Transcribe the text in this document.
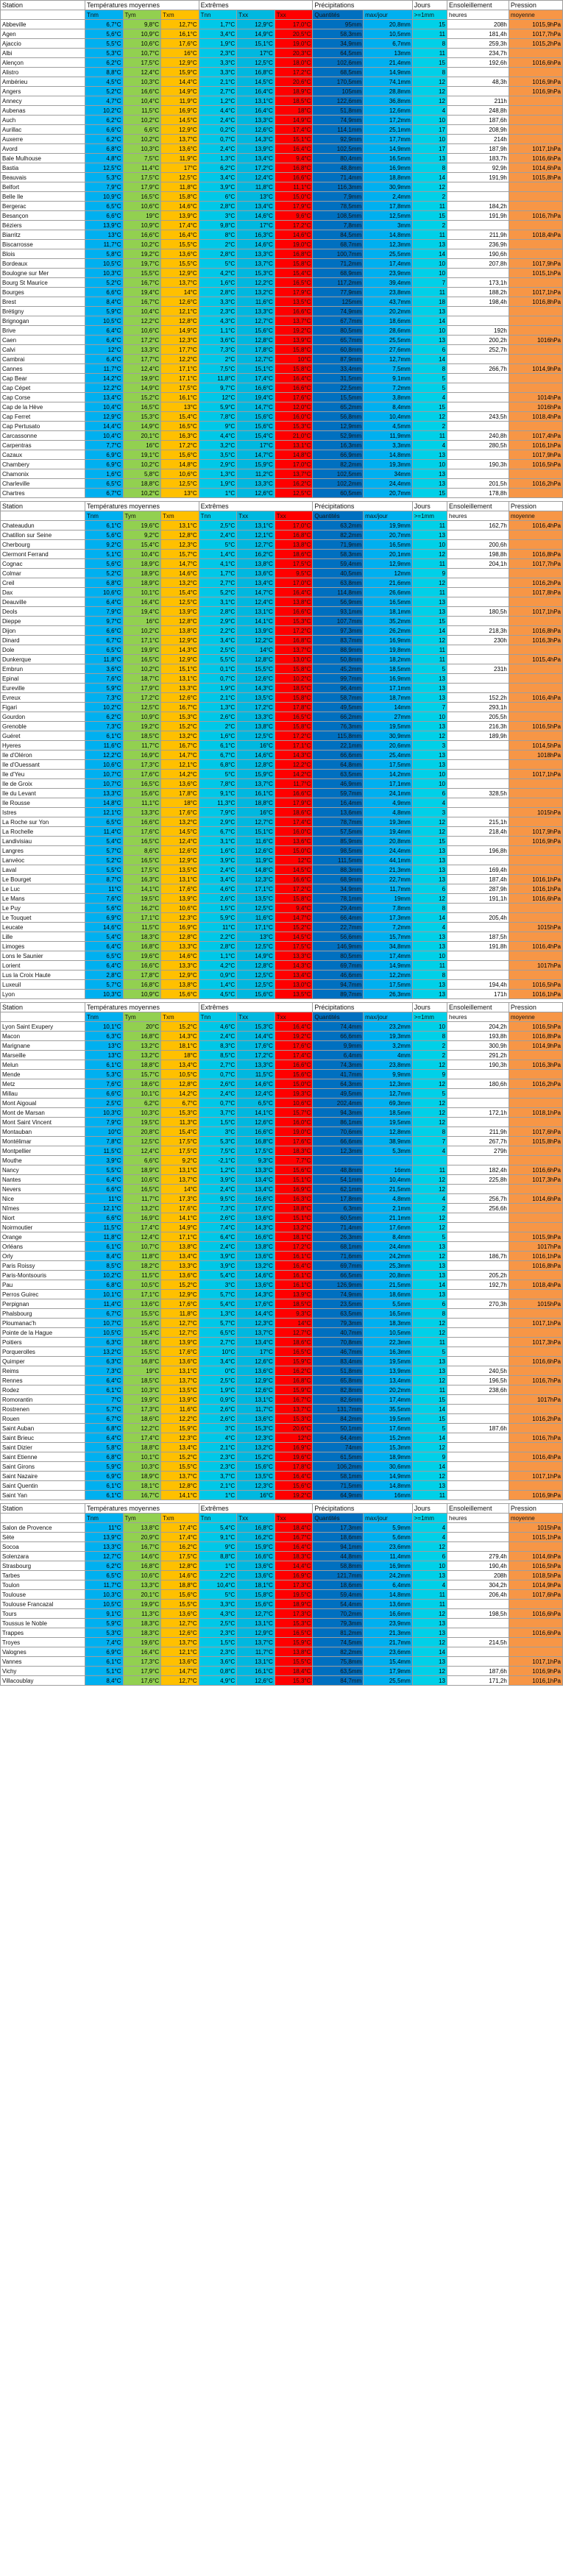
Station	Températures moyennes			Extrêmes			Précipitations		Jours	Ensoleillement	Pression
	Tnm	Tym	Txm	Tnn	Txx	Txx	Quantités	max/jour	>=1mm	heures	moyenne
Abbeville	6,7°C	9,8°C	12,7°C	1,7°C	12,9°C	17,0°C	95mm	20,8mm	15	208h	1015,9hPa
Agen	5,6°C	10,9°C	16,1°C	3,4°C	14,9°C	20,5°C	58,3mm	10,5mm	11	181,4h	1017,7hPa
Ajaccio	5,5°C	10,6°C	17,6°C	1,9°C	15,1°C	19,0°C	34,9mm	6,7mm	8	259,3h	1015,2hPa
Albi	5,3°C	10,7°C	16°C	2,3°C	17°C	20,3°C	64,5mm	13mm	11	234,7h	
Alençon	6,2°C	17,5°C	12,9°C	3,3°C	12,5°C	18,0°C	102,6mm	21,4mm	15	192,6h	1016,6hPa
Alistro	8,8°C	12,4°C	15,9°C	3,3°C	16,8°C	17,2°C	68,5mm	14,9mm	8		
Ambérieu	4,5°C	10,3°C	14,4°C	2,1°C	14,5°C	20,6°C	170,5mm	74,1mm	12	48,3h	1016,9hPa
Angers	5,2°C	16,6°C	14,9°C	2,7°C	16,4°C	18,9°C	105mm	28,8mm	12		1016,9hPa
Annecy	4,7°C	10,4°C	11,9°C	1,2°C	13,1°C	18,5°C	122,6mm	36,8mm	12	211h	
Aubenas	10,2°C	11,5°C	16,9°C	4,4°C	16,4°C	18°C	51,8mm	12,6mm	4	248,8h	
Auch	6,2°C	10,2°C	14,5°C	2,4°C	13,3°C	14,9°C	74,9mm	17,2mm	10	187,6h	
Aurillac	6,6°C	6,6°C	12,9°C	0,2°C	12,6°C	17,4°C	114,1mm	25,1mm	17	208,9h	
Auxerre	6,2°C	10,2°C	13,7°C	0,7°C	14,3°C	15,1°C	92,9mm	17,7mm	10	214h	
Avord	6,8°C	10,3°C	13,6°C	2,4°C	13,9°C	16,4°C	102,5mm	14,9mm	17	187,9h	1017,1hPa
Bale Mulhouse	4,8°C	7,5°C	11,9°C	1,3°C	13,4°C	9,4°C	80,4mm	16,5mm	13	183,7h	1016,6hPa
Bastia	12,5°C	11,4°C	17°C	6,2°C	17,2°C	16,8°C	48,8mm	16,9mm	8	92,9h	1014,6hPa
Beauvais	5,3°C	17,5°C	12,5°C	3,4°C	12,4°C	16,6°C	71,4mm	18,8mm	14	191,9h	1015,8hPa
Belfort	7,9°C	17,9°C	11,8°C	3,9°C	11,8°C	11,1°C	116,3mm	30,9mm	12		
Belle Ile	10,9°C	16,5°C	15,8°C	6°C	13°C	15,0°C	7,9mm	2,4mm	2		
Bergerac	6,5°C	10,6°C	14,6°C	2,8°C	13,4°C	17,9°C	78,5mm	17,8mm	11	184,2h	
Besançon	6,6°C	19°C	13,9°C	3°C	14,6°C	9,6°C	108,5mm	12,5mm	15	191,9h	1016,7hPa
Béziers	13,9°C	10,9°C	17,4°C	9,8°C	17°C	17,2°C	7,8mm	3mm	2		
Biarritz	13°C	16,6°C	16,4°C	8°C	16,3°C	14,6°C	84,5mm	14,8mm	11	211,9h	1018,4hPa
Biscarrosse	11,7°C	10,2°C	15,5°C	2°C	14,6°C	19,0°C	68,7mm	12,3mm	13	236,9h	
Blois	5,8°C	19,2°C	13,6°C	2,8°C	13,3°C	16,8°C	100,7mm	25,5mm	14	190,6h	
Bordeaux	10,5°C	19,7°C	15,5°C	5°C	13,7°C	15,8°C	71,2mm	17,4mm	10	207,8h	1017,9hPa
Boulogne sur Mer	10,3°C	15,5°C	12,9°C	4,2°C	15,3°C	15,4°C	68,9mm	23,9mm	10		1015,1hPa
Bourg St Maurice	5,2°C	16,7°C	13,7°C	1,6°C	12,2°C	16,5°C	117,2mm	39,4mm	7	173,1h	
Bourges	6,6°C	19,4°C	14°C	2,8°C	13,2°C	17,9°C	77,9mm	23,8mm	11	188,2h	1017,1hPa
Brest	8,4°C	16,7°C	12,6°C	3,3°C	11,6°C	13,5°C	125mm	43,7mm	18	198,4h	1016,8hPa
Brétigny	5,9°C	10,4°C	12,1°C	2,3°C	13,3°C	16,6°C	74,9mm	20,2mm	13		
Brignogan	10,5°C	12,2°C	12,8°C	4,3°C	12,7°C	13,7°C	67,7mm	18,6mm	14		
Brive	6,4°C	10,6°C	14,9°C	1,1°C	15,6°C	19,2°C	80,5mm	28,6mm	10	192h	
Caen	6,4°C	17,2°C	12,3°C	3,6°C	12,8°C	13,9°C	65,7mm	25,5mm	13	200,2h	1016hPa
Calvi	12°C	13,3°C	17,7°C	7,3°C	17,8°C	15,8°C	60,8mm	27,6mm	6	252,7h	
Cambrai	6,4°C	17,7°C	12,2°C	2°C	12,7°C	10°C	87,9mm	12,7mm	14		
Cannes	11,7°C	12,4°C	17,1°C	7,5°C	15,1°C	15,8°C	33,4mm	7,5mm	8	266,7h	1014,9hPa
Cap Bear	14,2°C	19,9°C	17,1°C	11,8°C	17,4°C	16,4°C	31,5mm	9,1mm	5		
Cap Cépet	12,2°C	14,9°C	17,5°C	9,7°C	16,6°C	16,6°C	22,5mm	7,2mm	5		
Cap Corse	13,4°C	15,2°C	16,1°C	12°C	19,4°C	17,6°C	15,5mm	3,8mm	4		1014hPa
Cap de la Hève	10,4°C	16,5°C	13°C	5,9°C	14,7°C	12,0°C	65,2mm	8,4mm	15		1016hPa
Cap Ferret	12,9°C	15,3°C	15,4°C	7,8°C	15,6°C	16,0°C	56,8mm	10,4mm	12	243,5h	1018,4hPa
Cap Pertusato	14,4°C	14,9°C	16,5°C	9°C	15,6°C	15,3°C	12,9mm	4,5mm	2		
Carcassonne	10,4°C	20,1°C	16,3°C	4,4°C	15,4°C	21,0°C	52,9mm	11,9mm	11	240,8h	1017,4hPa
Carpentras	7,7°C	16°C	17,2°C	3,2°C	17°C	13,1°C	16,3mm	3,3mm	4	280,5h	1016,1hPa
Cazaux	6,9°C	19,1°C	15,6°C	3,5°C	14,7°C	14,8°C	66,9mm	14,8mm	13		1017,9hPa
Chambery	6,9°C	10,2°C	14,8°C	2,9°C	15,9°C	17,0°C	82,2mm	19,3mm	10	190,3h	1016,5hPa
Chamonix	1,6°C	5,8°C	10,6°C	1,3°C	11,2°C	13,7°C	102,5mm	34mm	13		
Charleville	6,5°C	18,8°C	12,5°C	1,9°C	13,3°C	16,2°C	102,2mm	24,4mm	13	201,5h	1016,2hPa
Chartres	6,7°C	10,2°C	13°C	1°C	12,6°C	12,5°C	60,5mm	20,7mm	15	178,8h	

Station	Températures moyennes			Extrêmes			Précipitations		Jours	Ensoleillement	Pression
	Tnm	Tym	Txm	Tnn	Txx	Txx	Quantités	max/jour	>=1mm	heures	moyenne
Chateaudun	6,1°C	19,6°C	13,1°C	2,5°C	13,1°C	17,0°C	63,2mm	19,9mm	11	162,7h	1016,4hPa
Chatillon sur Seine	5,6°C	9,2°C	12,8°C	2,4°C	12,1°C	16,8°C	82,2mm	20,7mm	13		
Cherbourg	9,2°C	15,4°C	12,3°C	5°C	12,7°C	13,8°C	71,9mm	16,5mm	10	200,6h	
Clermont Ferrand	5,1°C	10,4°C	15,7°C	1,4°C	16,2°C	18,6°C	58,3mm	20,1mm	12	198,8h	1016,8hPa
Cognac	5,6°C	18,9°C	14,7°C	4,1°C	13,8°C	17,5°C	59,4mm	12,9mm	11	204,1h	1017,7hPa
Colmar	5,2°C	18,9°C	14,6°C	1,7°C	13,6°C	9,5°C	40,5mm	12mm	9		
Creil	6,8°C	18,9°C	13,2°C	2,7°C	13,4°C	17,0°C	63,8mm	21,6mm	12		1016,2hPa
Dax	10,6°C	10,1°C	15,4°C	5,2°C	14,7°C	16,4°C	114,8mm	26,6mm	11		1017,8hPa
Deauville	6,4°C	16,4°C	12,5°C	3,1°C	12,4°C	13,8°C	56,9mm	16,5mm	13		
Deols	7,9°C	19,4°C	13,9°C	2,8°C	13,1°C	16,6°C	93,1mm	18,1mm	13	180,5h	1017,1hPa
Dieppe	9,7°C	16°C	12,8°C	2,9°C	14,1°C	15,3°C	107,7mm	35,2mm	15		
Dijon	6,6°C	10,2°C	13,8°C	2,2°C	13,9°C	17,2°C	97,3mm	26,2mm	14	218,3h	1016,8hPa
Dinard	6,7°C	17,1°C	12,9°C	3,4°C	12,2°C	16,8°C	83,7mm	16,9mm	12	230h	1016,3hPa
Dole	6,5°C	19,9°C	14,3°C	2,5°C	14°C	13,7°C	88,9mm	19,8mm	11		
Dunkerque	11,8°C	16,5°C	12,9°C	5,5°C	12,8°C	13,0°C	50,8mm	18,2mm	11		1015,4hPa
Embrun	3,6°C	10,2°C	15,1°C	0,1°C	15,5°C	15,8°C	45,2mm	18,5mm	5	231h	
Epinal	7,6°C	18,7°C	13,1°C	0,7°C	12,6°C	10,2°C	99,7mm	16,9mm	13		
Eureville	5,9°C	17,9°C	13,3°C	1,9°C	14,3°C	18,5°C	96,4mm	17,1mm	13		
Evreux	7,3°C	17,2°C	12,6°C	2,1°C	13,5°C	15,8°C	58,7mm	18,7mm	13	152,2h	1016,4hPa
Figari	10,2°C	12,5°C	16,7°C	1,3°C	17,2°C	17,8°C	49,5mm	14mm	7	293,1h	
Gourdon	6,2°C	10,9°C	15,3°C	2,6°C	13,3°C	16,5°C	66,2mm	27mm	10	205,5h	
Grenoble	7,3°C	19,2°C	15,2°C	2°C	13,8°C	15,8°C	76,3mm	19,5mm	13	216,3h	1016,5hPa
Guéret	6,1°C	18,5°C	13,2°C	1,6°C	12,5°C	17,2°C	115,8mm	30,9mm	12	189,9h	
Hyeres	11,6°C	11,7°C	16,7°C	6,1°C	16°C	17,1°C	22,1mm	20,6mm	3		1014,5hPa
Ile d'Oléron	12,2°C	16,9°C	14,7°C	6,7°C	14,6°C	14,3°C	66,6mm	25,4mm	13		1018hPa
Ile d'Ouessant	10,6°C	17,3°C	12,1°C	6,8°C	12,8°C	12,2°C	64,8mm	17,5mm	13		
Ile d'Yeu	10,7°C	17,6°C	14,2°C	5°C	15,9°C	14,2°C	63,5mm	14,2mm	10		1017,1hPa
Ile de Groix	10,7°C	16,5°C	13,6°C	7,8°C	13,7°C	11,7°C	46,9mm	17,1mm	10		
Ile du Levant	13,3°C	15,6°C	17,8°C	9,1°C	16,1°C	16,6°C	59,7mm	24,1mm	6	328,5h	
Ile Rousse	14,8°C	11,1°C	18°C	11,3°C	18,8°C	17,9°C	16,4mm	4,9mm	4		
Istres	12,1°C	13,3°C	17,6°C	7,9°C	16°C	18,6°C	13,6mm	4,8mm	3		1015hPa
La Roche sur Yon	6,5°C	16,6°C	13,2°C	2,9°C	12,7°C	17,4°C	78,7mm	19,3mm	12	215,1h	
La Rochelle	11,4°C	17,6°C	14,5°C	6,7°C	15,1°C	16,0°C	57,5mm	19,4mm	12	218,4h	1017,9hPa
Landivisiau	5,4°C	16,5°C	12,4°C	3,1°C	11,6°C	13,6°C	85,9mm	20,8mm	15		1016,9hPa
Langres	5,7°C	8,6°C	12,6°C	1,6°C	12,6°C	15,0°C	98,5mm	24,4mm	13	196,8h	
Lanvéoc	5,2°C	16,5°C	12,9°C	3,9°C	11,9°C	12°C	111,5mm	44,1mm	13		
Laval	5,5°C	17,5°C	13,5°C	2,4°C	14,8°C	14,5°C	88,3mm	21,3mm	13	169,4h	
Le Bourget	8,7°C	16,3°C	13,1°C	3,4°C	12,3°C	16,6°C	68,9mm	22,7mm	13	187,4h	1016,1hPa
Le Luc	11°C	14,1°C	17,6°C	4,6°C	17,1°C	17,2°C	34,9mm	11,7mm	6	287,9h	1016,1hPa
Le Mans	7,6°C	19,5°C	13,9°C	2,6°C	13,5°C	15,8°C	78,1mm	19mm	12	191,1h	1016,6hPa
Le Puy	5,6°C	16,2°C	10,6°C	1,5°C	12,5°C	9,4°C	29,4mm	7,8mm	8		
Le Touquet	6,9°C	17,1°C	12,3°C	5,9°C	11,6°C	14,7°C	66,4mm	17,3mm	14	205,4h	
Leucate	14,6°C	11,5°C	16,9°C	11°C	17,1°C	15,2°C	22,7mm	7,2mm	4		1015hPa
Lille	5,4°C	18,3°C	12,8°C	2,2°C	13°C	14,5°C	56,6mm	15,7mm	13	187,5h	
Limoges	6,4°C	16,8°C	13,3°C	2,8°C	12,5°C	17,5°C	146,9mm	34,8mm	13	191,8h	1016,4hPa
Lons le Saunier	6,5°C	19,6°C	14,6°C	1,1°C	14,9°C	13,3°C	80,5mm	17,4mm	10		
Lorient	6,4°C	16,6°C	13,3°C	4,2°C	12,8°C	14,3°C	69,7mm	14,9mm	11		1017hPa
Lus la Croix Haute	2,8°C	17,8°C	12,9°C	0,9°C	12,5°C	13,4°C	46,6mm	12,2mm	8		
Luxeuil	5,7°C	16,8°C	13,8°C	1,4°C	12,5°C	13,0°C	94,7mm	17,5mm	13	194,4h	1016,5hPa
Lyon	10,3°C	10,9°C	15,6°C	4,5°C	15,6°C	13,5°C	89,7mm	26,3mm	13	171h	1016,1hPa

Station	Températures moyennes			Extrêmes			Précipitations		Jours	Ensoleillement	Pression
	Tnm	Tym	Txm	Tnn	Txx	Txx	Quantités	max/jour	>=1mm	heures	moyenne
Lyon Saint Exupery	10,1°C	20°C	15,2°C	4,6°C	15,3°C	16,4°C	74,4mm	23,2mm	10	204,2h	1016,5hPa
Macon	6,3°C	16,8°C	14,3°C	2,4°C	14,4°C	19,2°C	66,6mm	19,3mm	8	193,8h	1016,8hPa
Marignane	13°C	13,2°C	18,1°C	8,3°C	17,6°C	17,6°C	9,9mm	3,2mm	2	300,9h	1014,9hPa
Marseille	13°C	13,2°C	18°C	8,5°C	17,2°C	17,4°C	6,4mm	4mm	2	291,2h	
Melun	6,1°C	18,8°C	13,4°C	2,7°C	13,3°C	16,6°C	74,3mm	23,8mm	12	190,3h	1016,3hPa
Mende	5,3°C	15,7°C	10,5°C	0,7°C	11,5°C	15,6°C	41,7mm	9,9mm	9		
Metz	7,6°C	18,6°C	12,8°C	2,6°C	14,6°C	15,0°C	64,3mm	12,3mm	12	180,6h	1016,2hPa
Millau	6,6°C	10,1°C	14,2°C	2,4°C	12,4°C	19,3°C	49,5mm	12,7mm	5		
Mont Aigoual	2,5°C	6,2°C	6,7°C	0,7°C	6,5°C	10,6°C	202,4mm	69,3mm	12		
Mont de Marsan	10,3°C	10,3°C	15,3°C	3,7°C	14,1°C	15,7°C	94,3mm	18,5mm	12	172,1h	1018,1hPa
Mont Saint Vincent	7,9°C	19,5°C	11,3°C	1,5°C	12,6°C	16,0°C	86,1mm	19,5mm	12		
Montauban	10°C	20,8°C	15,4°C	3°C	16,6°C	19,0°C	70,6mm	12,8mm	8	211,9h	1017,6hPa
Montélimar	7,8°C	12,5°C	17,5°C	5,3°C	16,8°C	17,6°C	66,6mm	38,9mm	7	267,7h	1015,8hPa
Montpellier	11,5°C	12,4°C	17,5°C	7,5°C	17,5°C	18,3°C	12,3mm	5,3mm	4	279h	
Mouthe	3,9°C	6,6°C	9,2°C	-2,1°C	9,3°C	7,7°C					
Nancy	5,5°C	18,9°C	13,1°C	1,2°C	13,3°C	15,6°C	48,8mm	16mm	11	182,4h	1016,6hPa
Nantes	6,4°C	10,6°C	13,7°C	3,9°C	13,4°C	15,1°C	54,1mm	10,4mm	12	225,8h	1017,3hPa
Nevers	6,6°C	16,5°C	14°C	2,4°C	13,4°C	16,9°C	62,1mm	21,5mm	12		
Nice	11°C	11,7°C	17,3°C	9,5°C	16,6°C	16,3°C	17,8mm	4,8mm	4	256,7h	1014,6hPa
Nîmes	12,1°C	13,2°C	17,6°C	7,3°C	17,6°C	18,8°C	6,3mm	2,1mm	2	256,6h	
Niort	6,6°C	16,9°C	14,1°C	2,6°C	13,6°C	15,1°C	60,5mm	21,1mm	12		
Noirmoutier	11,5°C	17,4°C	14,9°C	7,4°C	14,3°C	13,2°C	71,4mm	17,6mm	12		
Orange	11,8°C	12,4°C	17,1°C	6,4°C	16,6°C	18,1°C	26,3mm	8,4mm	5		1015,9hPa
Orléans	6,1°C	10,7°C	13,8°C	2,4°C	13,8°C	17,2°C	68,1mm	24,4mm	13		1017hPa
Orly	8,4°C	11,8°C	13,4°C	3,9°C	13,6°C	16,1°C	71,6mm	24,2mm	12	186,7h	1016,1hPa
Paris Roissy	8,5°C	18,2°C	13,3°C	3,9°C	13,2°C	16,4°C	69,7mm	25,3mm	13		1016,8hPa
Paris-Montsouris	10,2°C	11,5°C	13,6°C	5,4°C	14,6°C	16,1°C	66,5mm	20,8mm	13	205,2h	
Pau	6,8°C	10,5°C	15,2°C	3°C	13,6°C	16,1°C	126,9mm	21,5mm	14	192,7h	1018,4hPa
Perros Guirec	10,1°C	17,1°C	12,9°C	5,7°C	14,3°C	13,9°C	74,9mm	18,6mm	13		
Perpignan	11,4°C	13,6°C	17,6°C	5,4°C	17,6°C	18,5°C	23,5mm	5,5mm	6	270,3h	1015hPa
Phalsbourg	6,7°C	15,5°C	11,8°C	1,3°C	14,4°C	9,3°C	63,5mm	16,5mm	8		
Ploumanac'h	10,7°C	15,6°C	12,7°C	5,7°C	12,3°C	14°C	79,3mm	18,3mm	12		1017,1hPa
Pointe de la Hague	10,5°C	15,4°C	12,7°C	6,5°C	13,7°C	12,7°C	40,7mm	10,5mm	12		
Poitiers	6,3°C	18,6°C	13,9°C	2,7°C	13,4°C	18,6°C	70,8mm	22,3mm	11		1017,3hPa
Porquerolles	13,2°C	15,5°C	17,6°C	10°C	17°C	16,5°C	46,7mm	16,3mm	5		
Quimper	6,3°C	16,8°C	13,6°C	3,4°C	12,6°C	15,9°C	83,4mm	19,5mm	13		1016,6hPa
Reims	7,3°C	19°C	13,1°C	0°C	13,6°C	16,2°C	51,8mm	13,9mm	13	240,5h	
Rennes	6,4°C	18,5°C	13,7°C	2,5°C	12,9°C	16,8°C	65,8mm	13,4mm	12	196,5h	1016,7hPa
Rodez	6,1°C	10,3°C	13,5°C	1,9°C	12,6°C	15,9°C	82,8mm	20,2mm	11	238,6h	
Romorantin	7°C	19,9°C	13,9°C	0,9°C	13,1°C	16,7°C	82,6mm	17,4mm	15		1017hPa
Rostrenen	5,7°C	17,3°C	11,6°C	2,6°C	11,7°C	13,7°C	131,7mm	35,5mm	14		
Rouen	6,7°C	18,6°C	12,2°C	2,6°C	13,6°C	15,3°C	84,2mm	19,5mm	15		1016,2hPa
Saint Auban	6,8°C	12,2°C	15,9°C	3°C	15,3°C	20,6°C	50,1mm	17,6mm	5	187,6h	
Saint Brieuc	6,4°C	17,4°C	12,3°C	4°C	12,3°C	12°C	64,4mm	15,2mm	14		1016,7hPa
Saint Dizier	5,8°C	18,8°C	13,4°C	2,1°C	13,2°C	16,9°C	74mm	15,3mm	12		
Saint Etienne	6,8°C	10,1°C	15,2°C	2,3°C	15,2°C	19,6°C	61,5mm	18,9mm	9		1016,4hPa
Saint Girons	5,9°C	10,3°C	15,5°C	2,3°C	15,6°C	17,8°C	106,2mm	30,6mm	14		
Saint Nazaire	6,9°C	18,9°C	13,7°C	3,7°C	13,5°C	16,4°C	58,1mm	14,9mm	12		1017,1hPa
Saint Quentin	6,1°C	18,1°C	12,8°C	2,1°C	12,3°C	15,6°C	71,5mm	14,8mm	13		
Saint Yan	6,1°C	16,7°C	14,1°C	1°C	16°C	19,2°C	64,9mm	16mm	11		1016,9hPa

Station	Températures moyennes			Extrêmes			Précipitations		Jours	Ensoleillement	Pression
	Tnm	Tym	Txm	Tnn	Txx	Txx	Quantités	max/jour	>=1mm	heures	moyenne
Salon de Provence	11°C	13,8°C	17,4°C	5,4°C	16,8°C	18,4°C	17,3mm	5,9mm	4		1015hPa
Sète	13,9°C	20,9°C	17,4°C	9,1°C	16,2°C	16,7°C	18,6mm	5,6mm	4		1015,1hPa
Socoa	13,3°C	16,7°C	16,2°C	9°C	15,9°C	16,4°C	94,1mm	23,6mm	12		
Solenzara	12,7°C	14,6°C	17,5°C	8,8°C	16,6°C	18,3°C	44,8mm	11,4mm	6	279,4h	1014,6hPa
Strasbourg	6,2°C	16,8°C	12,8°C	1°C	13,6°C	14,4°C	58,8mm	16,9mm	10	190,4h	1016,5hPa
Tarbes	6,5°C	10,6°C	14,6°C	2,2°C	13,6°C	16,9°C	121,7mm	24,2mm	13	208h	1018,5hPa
Toulon	11,7°C	13,3°C	18,8°C	10,4°C	18,1°C	17,3°C	18,6mm	6,4mm	4	304,2h	1014,9hPa
Toulouse	10,3°C	20,1°C	15,6°C	5°C	15,8°C	19,5°C	59,4mm	14,8mm	11	206,4h	1017,6hPa
Toulouse Francazal	10,5°C	19,9°C	15,5°C	3,3°C	15,6°C	18,9°C	54,4mm	13,6mm	11		
Tours	9,1°C	11,3°C	13,6°C	4,3°C	12,7°C	17,3°C	70,2mm	16,6mm	12	198,5h	1016,6hPa
Toussus le Noble	5,9°C	18,3°C	12,7°C	2,5°C	13,1°C	15,3°C	79,3mm	23,9mm	13		
Trappes	5,3°C	18,3°C	12,6°C	2,3°C	12,9°C	16,5°C	81,2mm	21,3mm	13		1016,6hPa
Troyes	7,4°C	19,6°C	13,7°C	1,5°C	13,7°C	15,9°C	74,5mm	21,7mm	12	214,5h	
Valognes	6,9°C	16,4°C	12,1°C	2,3°C	11,7°C	13,8°C	82,2mm	23,6mm	14		
Vannes	6,1°C	17,3°C	13,6°C	3,6°C	13,1°C	15,5°C	75,8mm	15,4mm	13		1017,1hPa
Vichy	5,1°C	17,9°C	14,7°C	0,8°C	16,1°C	18,4°C	63,5mm	17,9mm	12	187,6h	1016,9hPa
Villacoublay	8,4°C	17,6°C	12,7°C	4,9°C	12,6°C	15,3°C	84,7mm	25,5mm	13	171,2h	1016,1hPa
